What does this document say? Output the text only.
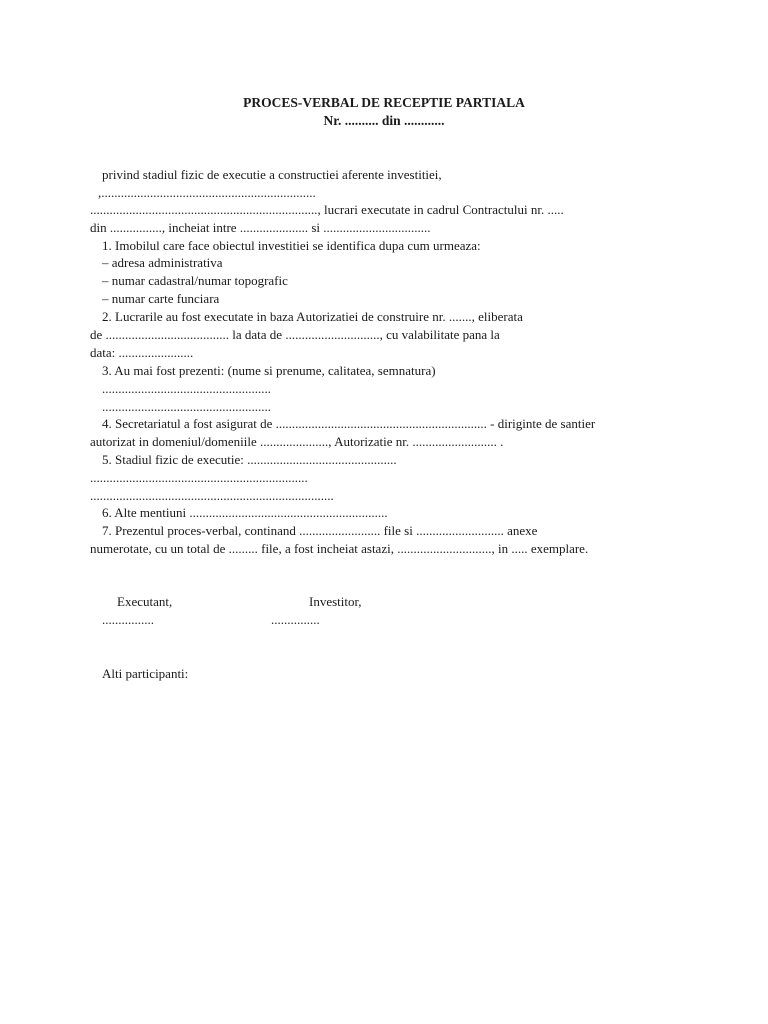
PROCES-VERBAL DE RECEPTIE PARTIALA
Nr. .......... din ............
privind stadiul fizic de executie a constructiei aferente investitiei,
,..................................................................
......................................................................, lucrari executate in cadrul Contractului nr. .....
din ................, incheiat intre ..................... si .................................
1. Imobilul care face obiectul investitiei se identifica dupa cum urmeaza:
– adresa administrativa
– numar cadastral/numar topografic
– numar carte funciara
2. Lucrarile au fost executate in baza Autorizatiei de construire nr. ......., eliberata
de ...................................... la data de ............................., cu valabilitate pana la
data: .......................
3. Au mai fost prezenti: (nume si prenume, calitatea, semnatura)
....................................................
....................................................
4. Secretariatul a fost asigurat de ................................................................. - diriginte de santier
autorizat in domeniul/domeniile ....................., Autorizatie nr. .......................... .
5. Stadiul fizic de executie: ..............................................
...................................................................
...........................................................................
6. Alte mentiuni .............................................................
7. Prezentul proces-verbal, continand ......................... file si ........................... anexe
numerotate, cu un total de ......... file, a fost incheiat astazi, ............................., in ..... exemplare.
Executant,	Investitor,
................	...............
Alti participanti:
